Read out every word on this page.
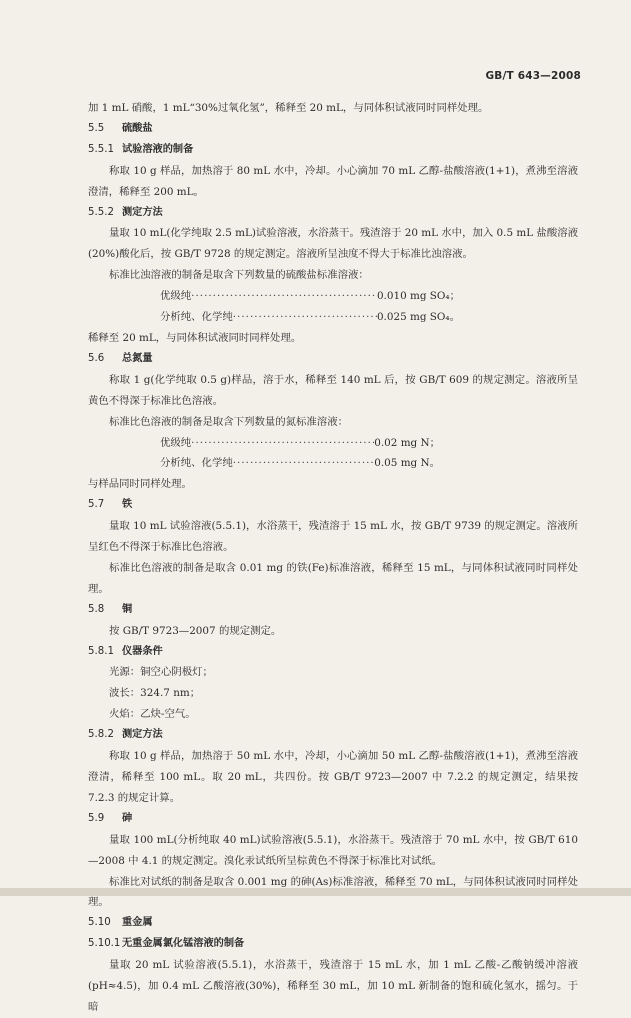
GB/T 643—2008

加 1 mL 硝酸，1 mL“30%过氧化氢”，稀释至 20 mL，与同体积试液同时同样处理。

5.5 硫酸盐

5.5.1 试验溶液的制备

称取 10 g 样品，加热溶于 80 mL 水中，冷却。小心滴加 70 mL 乙醇-盐酸溶液(1+1)，煮沸至溶液澄清，稀释至 200 mL。

5.5.2 测定方法

量取 10 mL(化学纯取 2.5 mL)试验溶液，水浴蒸干。残渣溶于 20 mL 水中，加入 0.5 mL 盐酸溶液(20%)酸化后，按 GB/T 9728 的规定测定。溶液所呈浊度不得大于标准比浊溶液。

标准比浊溶液的制备是取含下列数量的硫酸盐标准溶液：

优级纯 ·····	0.010 mg SO₄；
分析纯、化学纯 ·····	0.025 mg SO₄。

稀释至 20 mL，与同体积试液同时同样处理。

5.6 总氮量

称取 1 g(化学纯取 0.5 g)样品，溶于水，稀释至 140 mL 后，按 GB/T 609 的规定测定。溶液所呈黄色不得深于标准比色溶液。

标准比色溶液的制备是取含下列数量的氮标准溶液：

优级纯 ·····	0.02 mg N；
分析纯、化学纯 ·····	0.05 mg N。

与样品同时同样处理。

5.7 铁

量取 10 mL 试验溶液(5.5.1)，水浴蒸干，残渣溶于 15 mL 水，按 GB/T 9739 的规定测定。溶液所呈红色不得深于标准比色溶液。

标准比色溶液的制备是取含 0.01 mg 的铁(Fe)标准溶液，稀释至 15 mL，与同体积试液同时同样处理。

5.8 铜

按 GB/T 9723—2007 的规定测定。

5.8.1 仪器条件

光源：铜空心阴极灯；

波长：324.7 nm；

火焰：乙炔-空气。

5.8.2 测定方法

称取 10 g 样品，加热溶于 50 mL 水中，冷却，小心滴加 50 mL 乙醇-盐酸溶液(1+1)，煮沸至溶液澄清，稀释至 100 mL。取 20 mL，共四份。按 GB/T 9723—2007 中 7.2.2 的规定测定，结果按 7.2.3 的规定计算。

5.9 砷

量取 100 mL(分析纯取 40 mL)试验溶液(5.5.1)，水浴蒸干。残渣溶于 70 mL 水中，按 GB/T 610—2008 中 4.1 的规定测定。溴化汞试纸所呈棕黄色不得深于标准比对试纸。

标准比对试纸的制备是取含 0.001 mg 的砷(As)标准溶液，稀释至 70 mL，与同体积试液同时同样处理。

5.10 重金属

5.10.1 无重金属氯化锰溶液的制备

量取 20 mL 试验溶液(5.5.1)，水浴蒸干，残渣溶于 15 mL 水，加 1 mL 乙酸-乙酸钠缓冲溶液(pH≈4.5)，加 0.4 mL 乙酸溶液(30%)，稀释至 30 mL，加 10 mL 新制备的饱和硫化氢水，摇匀。于暗
